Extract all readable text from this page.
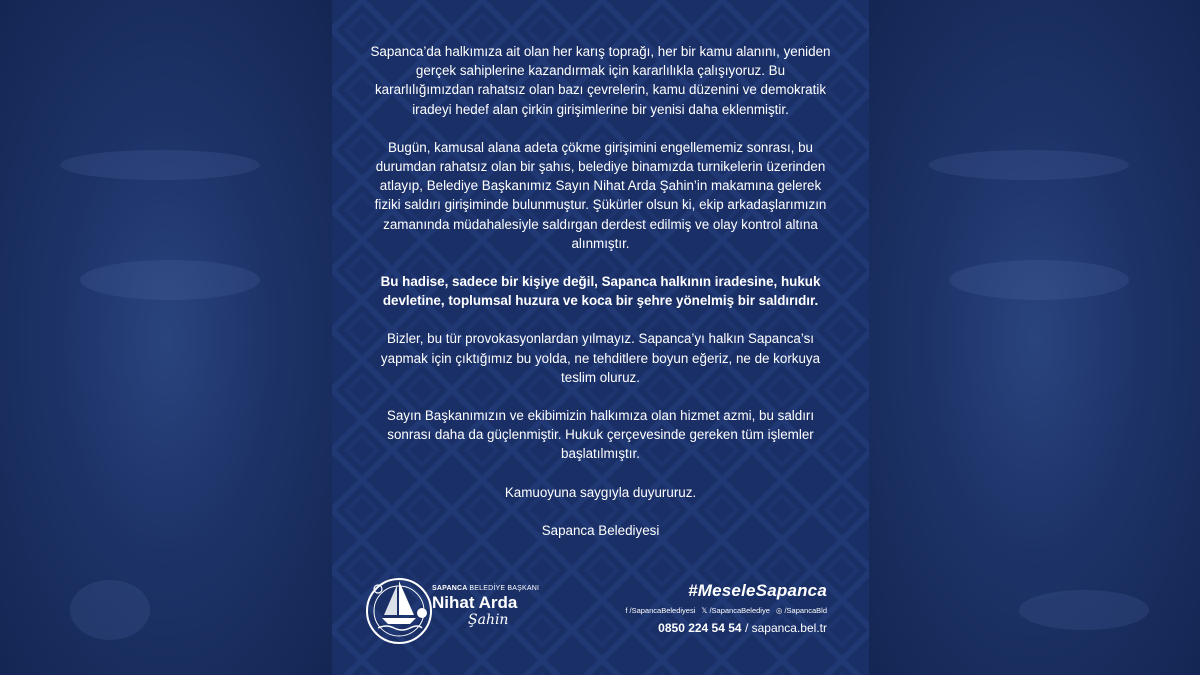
Sapanca’da halkımıza ait olan her karış toprağı, her bir kamu alanını, yeniden gerçek sahiplerine kazandırmak için kararlılıkla çalışıyoruz. Bu kararlılığımızdan rahatsız olan bazı çevrelerin, kamu düzenini ve demokratik iradeyi hedef alan çirkin girişimlerine bir yenisi daha eklenmiştir.

Bugün, kamusal alana adeta çökme girişimini engellememiz sonrası, bu durumdan rahatsız olan bir şahıs, belediye binamızda turnikelerin üzerinden atlayıp, Belediye Başkanımız Sayın Nihat Arda Şahin’in makamına gelerek fiziki saldırı girişiminde bulunmuştur. Şükürler olsun ki, ekip arkadaşlarımızın zamanında müdahalesiyle saldırgan derdest edilmiş ve olay kontrol altına alınmıştır.

Bu hadise, sadece bir kişiye değil, Sapanca halkının iradesine, hukuk devletine, toplumsal huzura ve koca bir şehre yönelmiş bir saldırıdır.

Bizler, bu tür provokasyonlardan yılmayız. Sapanca’yı halkın Sapanca’sı yapmak için çıktığımız bu yolda, ne tehditlere boyun eğeriz, ne de korkuya teslim oluruz.

Sayın Başkanımızın ve ekibimizin halkımıza olan hizmet azmi, bu saldırı sonrası daha da güçlenmiştir. Hukuk çerçevesinde gereken tüm işlemler başlatılmıştır.

Kamuoyuna saygıyla duyururuz.

Sapanca Belediyesi

SAPANCA BELEDİYE BAŞKANI
Nihat Arda
Şahin
#MeseleSapanca
f /SapancaBelediyesi 𝕏 /SapancaBelediye ◎ /SapancaBld
0850 224 54 54 / sapanca.bel.tr
